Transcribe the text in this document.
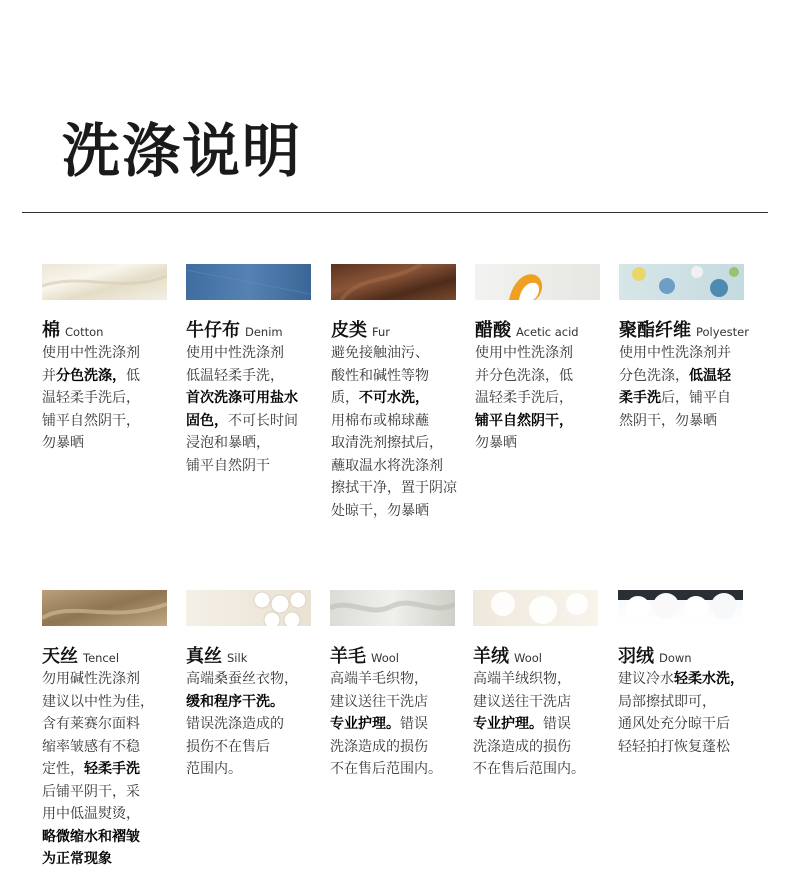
洗涤说明
棉 Cotton

使用中性洗涤剂

并分色洗涤，低

温轻柔手洗后，

铺平自然阴干，

勿暴晒

牛仔布 Denim

使用中性洗涤剂

低温轻柔手洗，

首次洗涤可用盐水

固色，不可长时间

浸泡和暴晒，

铺平自然阴干

皮类 Fur

避免接触油污、

酸性和碱性等物

质，不可水洗，

用棉布或棉球蘸

取清洗剂擦拭后，

蘸取温水将洗涤剂

擦拭干净，置于阴凉

处晾干，勿暴晒

醋酸 Acetic acid

使用中性洗涤剂

并分色洗涤，低

温轻柔手洗后，

铺平自然阴干，

勿暴晒

聚酯纤维 Polyester

使用中性洗涤剂并

分色洗涤，低温轻

柔手洗后，铺平自

然阴干，勿暴晒

天丝 Tencel

勿用碱性洗涤剂

建议以中性为佳，

含有莱赛尔面料

缩率皱感有不稳

定性，轻柔手洗

后铺平阴干，采

用中低温熨烫，

略微缩水和褶皱

为正常现象

真丝 Silk

高端桑蚕丝衣物，

缓和程序干洗。

错误洗涤造成的

损伤不在售后

范围内。

羊毛 Wool

高端羊毛织物，

建议送往干洗店

专业护理。错误

洗涤造成的损伤

不在售后范围内。

羊绒 Wool

高端羊绒织物，

建议送往干洗店

专业护理。错误

洗涤造成的损伤

不在售后范围内。

羽绒 Down

建议冷水轻柔水洗，

局部擦拭即可，

通风处充分晾干后

轻轻拍打恢复蓬松
